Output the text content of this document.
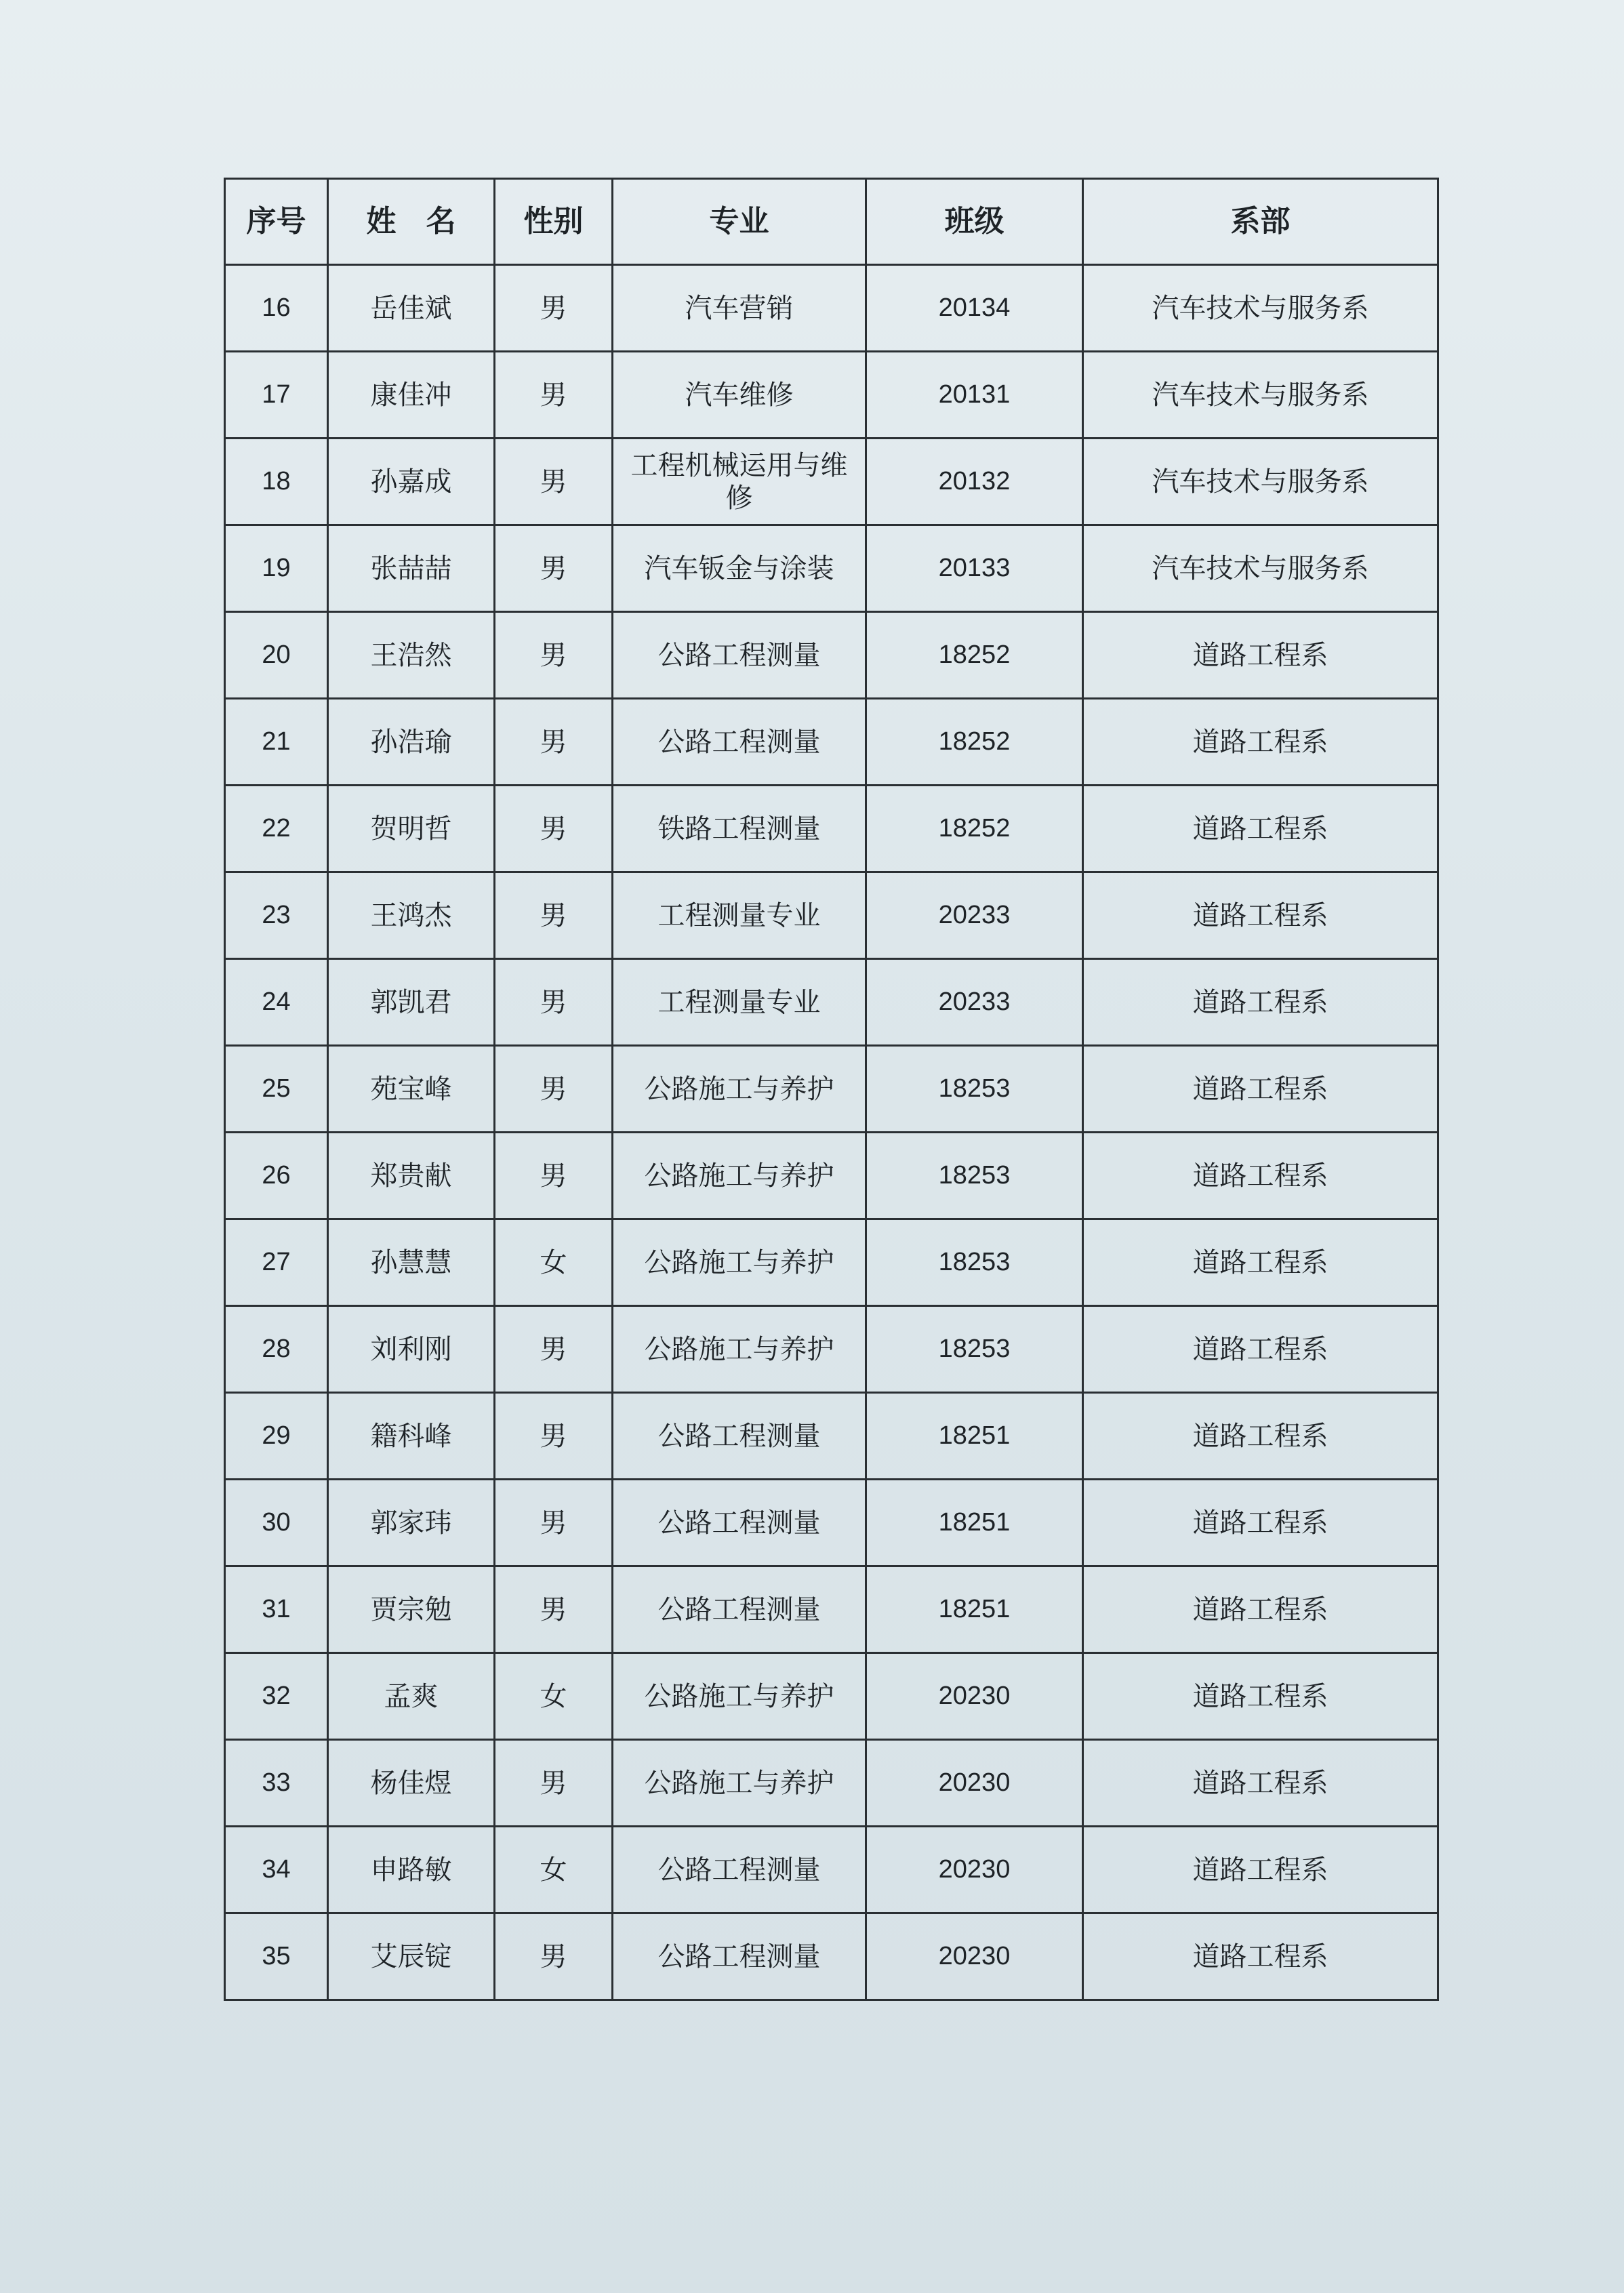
序号	姓　名	性别	专业	班级	系部
16	岳佳斌	男	汽车营销	20134	汽车技术与服务系
17	康佳冲	男	汽车维修	20131	汽车技术与服务系
18	孙嘉成	男	工程机械运用与维修	20132	汽车技术与服务系
19	张喆喆	男	汽车钣金与涂装	20133	汽车技术与服务系
20	王浩然	男	公路工程测量	18252	道路工程系
21	孙浩瑜	男	公路工程测量	18252	道路工程系
22	贺明哲	男	铁路工程测量	18252	道路工程系
23	王鸿杰	男	工程测量专业	20233	道路工程系
24	郭凯君	男	工程测量专业	20233	道路工程系
25	苑宝峰	男	公路施工与养护	18253	道路工程系
26	郑贵献	男	公路施工与养护	18253	道路工程系
27	孙慧慧	女	公路施工与养护	18253	道路工程系
28	刘利刚	男	公路施工与养护	18253	道路工程系
29	籍科峰	男	公路工程测量	18251	道路工程系
30	郭家玮	男	公路工程测量	18251	道路工程系
31	贾宗勉	男	公路工程测量	18251	道路工程系
32	孟爽	女	公路施工与养护	20230	道路工程系
33	杨佳煜	男	公路施工与养护	20230	道路工程系
34	申路敏	女	公路工程测量	20230	道路工程系
35	艾辰锭	男	公路工程测量	20230	道路工程系
